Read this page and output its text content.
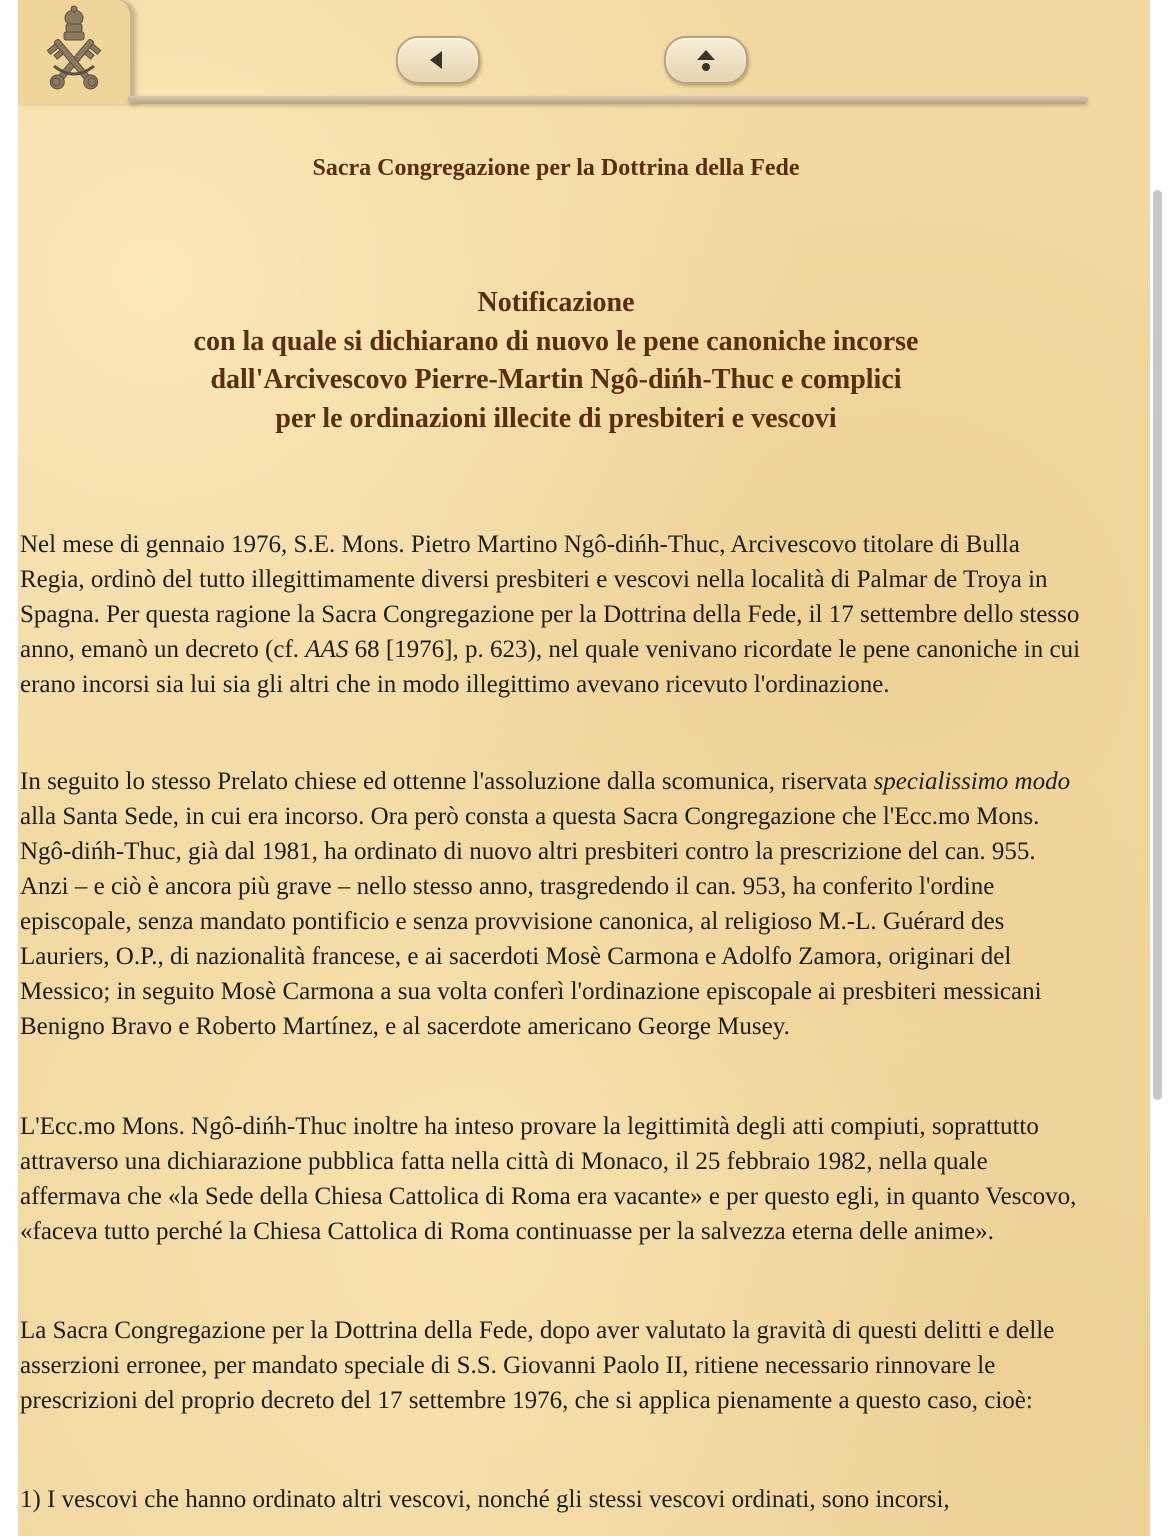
Sacra Congregazione per la Dottrina della Fede

Notificazione
con la quale si dichiarano di nuovo le pene canoniche incorse
dall'Arcivescovo Pierre-Martin Ngô-dińh-Thuc e complici
per le ordinazioni illecite di presbiteri e vescovi

Nel mese di gennaio 1976, S.E. Mons. Pietro Martino Ngô-dińh-Thuc, Arcivescovo titolare di Bulla Regia, ordinò del tutto illegittimamente diversi presbiteri e vescovi nella località di Palmar de Troya in Spagna. Per questa ragione la Sacra Congregazione per la Dottrina della Fede, il 17 settembre dello stesso anno, emanò un decreto (cf. AAS 68 [1976], p. 623), nel quale venivano ricordate le pene canoniche in cui erano incorsi sia lui sia gli altri che in modo illegittimo avevano ricevuto l'ordinazione.

In seguito lo stesso Prelato chiese ed ottenne l'assoluzione dalla scomunica, riservata specialissimo modo alla Santa Sede, in cui era incorso. Ora però consta a questa Sacra Congregazione che l'Ecc.mo Mons. Ngô-dińh-Thuc, già dal 1981, ha ordinato di nuovo altri presbiteri contro la prescrizione del can. 955. Anzi – e ciò è ancora più grave – nello stesso anno, trasgredendo il can. 953, ha conferito l'ordine episcopale, senza mandato pontificio e senza provvisione canonica, al religioso M.-L. Guérard des Lauriers, O.P., di nazionalità francese, e ai sacerdoti Mosè Carmona e Adolfo Zamora, originari del Messico; in seguito Mosè Carmona a sua volta conferì l'ordinazione episcopale ai presbiteri messicani Benigno Bravo e Roberto Martínez, e al sacerdote americano George Musey.

L'Ecc.mo Mons. Ngô-dińh-Thuc inoltre ha inteso provare la legittimità degli atti compiuti, soprattutto attraverso una dichiarazione pubblica fatta nella città di Monaco, il 25 febbraio 1982, nella quale affermava che «la Sede della Chiesa Cattolica di Roma era vacante» e per questo egli, in quanto Vescovo, «faceva tutto perché la Chiesa Cattolica di Roma continuasse per la salvezza eterna delle anime».

La Sacra Congregazione per la Dottrina della Fede, dopo aver valutato la gravità di questi delitti e delle asserzioni erronee, per mandato speciale di S.S. Giovanni Paolo II, ritiene necessario rinnovare le prescrizioni del proprio decreto del 17 settembre 1976, che si applica pienamente a questo caso, cioè:

1) I vescovi che hanno ordinato altri vescovi, nonché gli stessi vescovi ordinati, sono incorsi,
